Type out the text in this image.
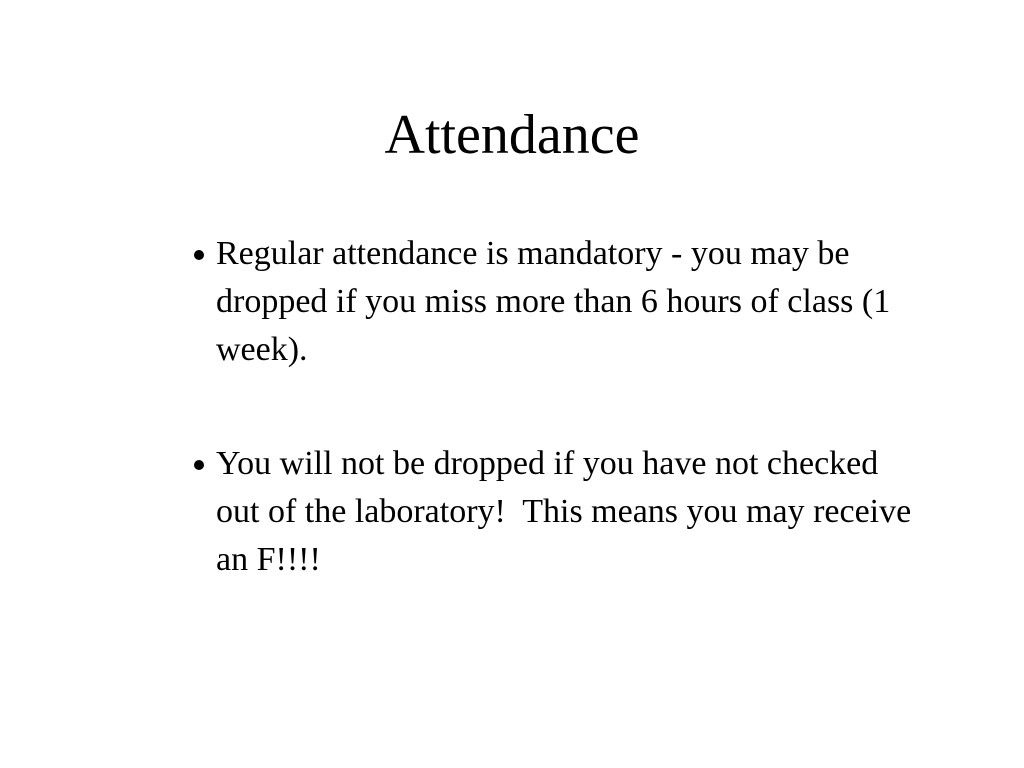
Attendance
Regular attendance is mandatory - you may be dropped if you miss more than 6 hours of class (1 week).
You will not be dropped if you have not checked out of the laboratory!  This means you may receive an F!!!!
